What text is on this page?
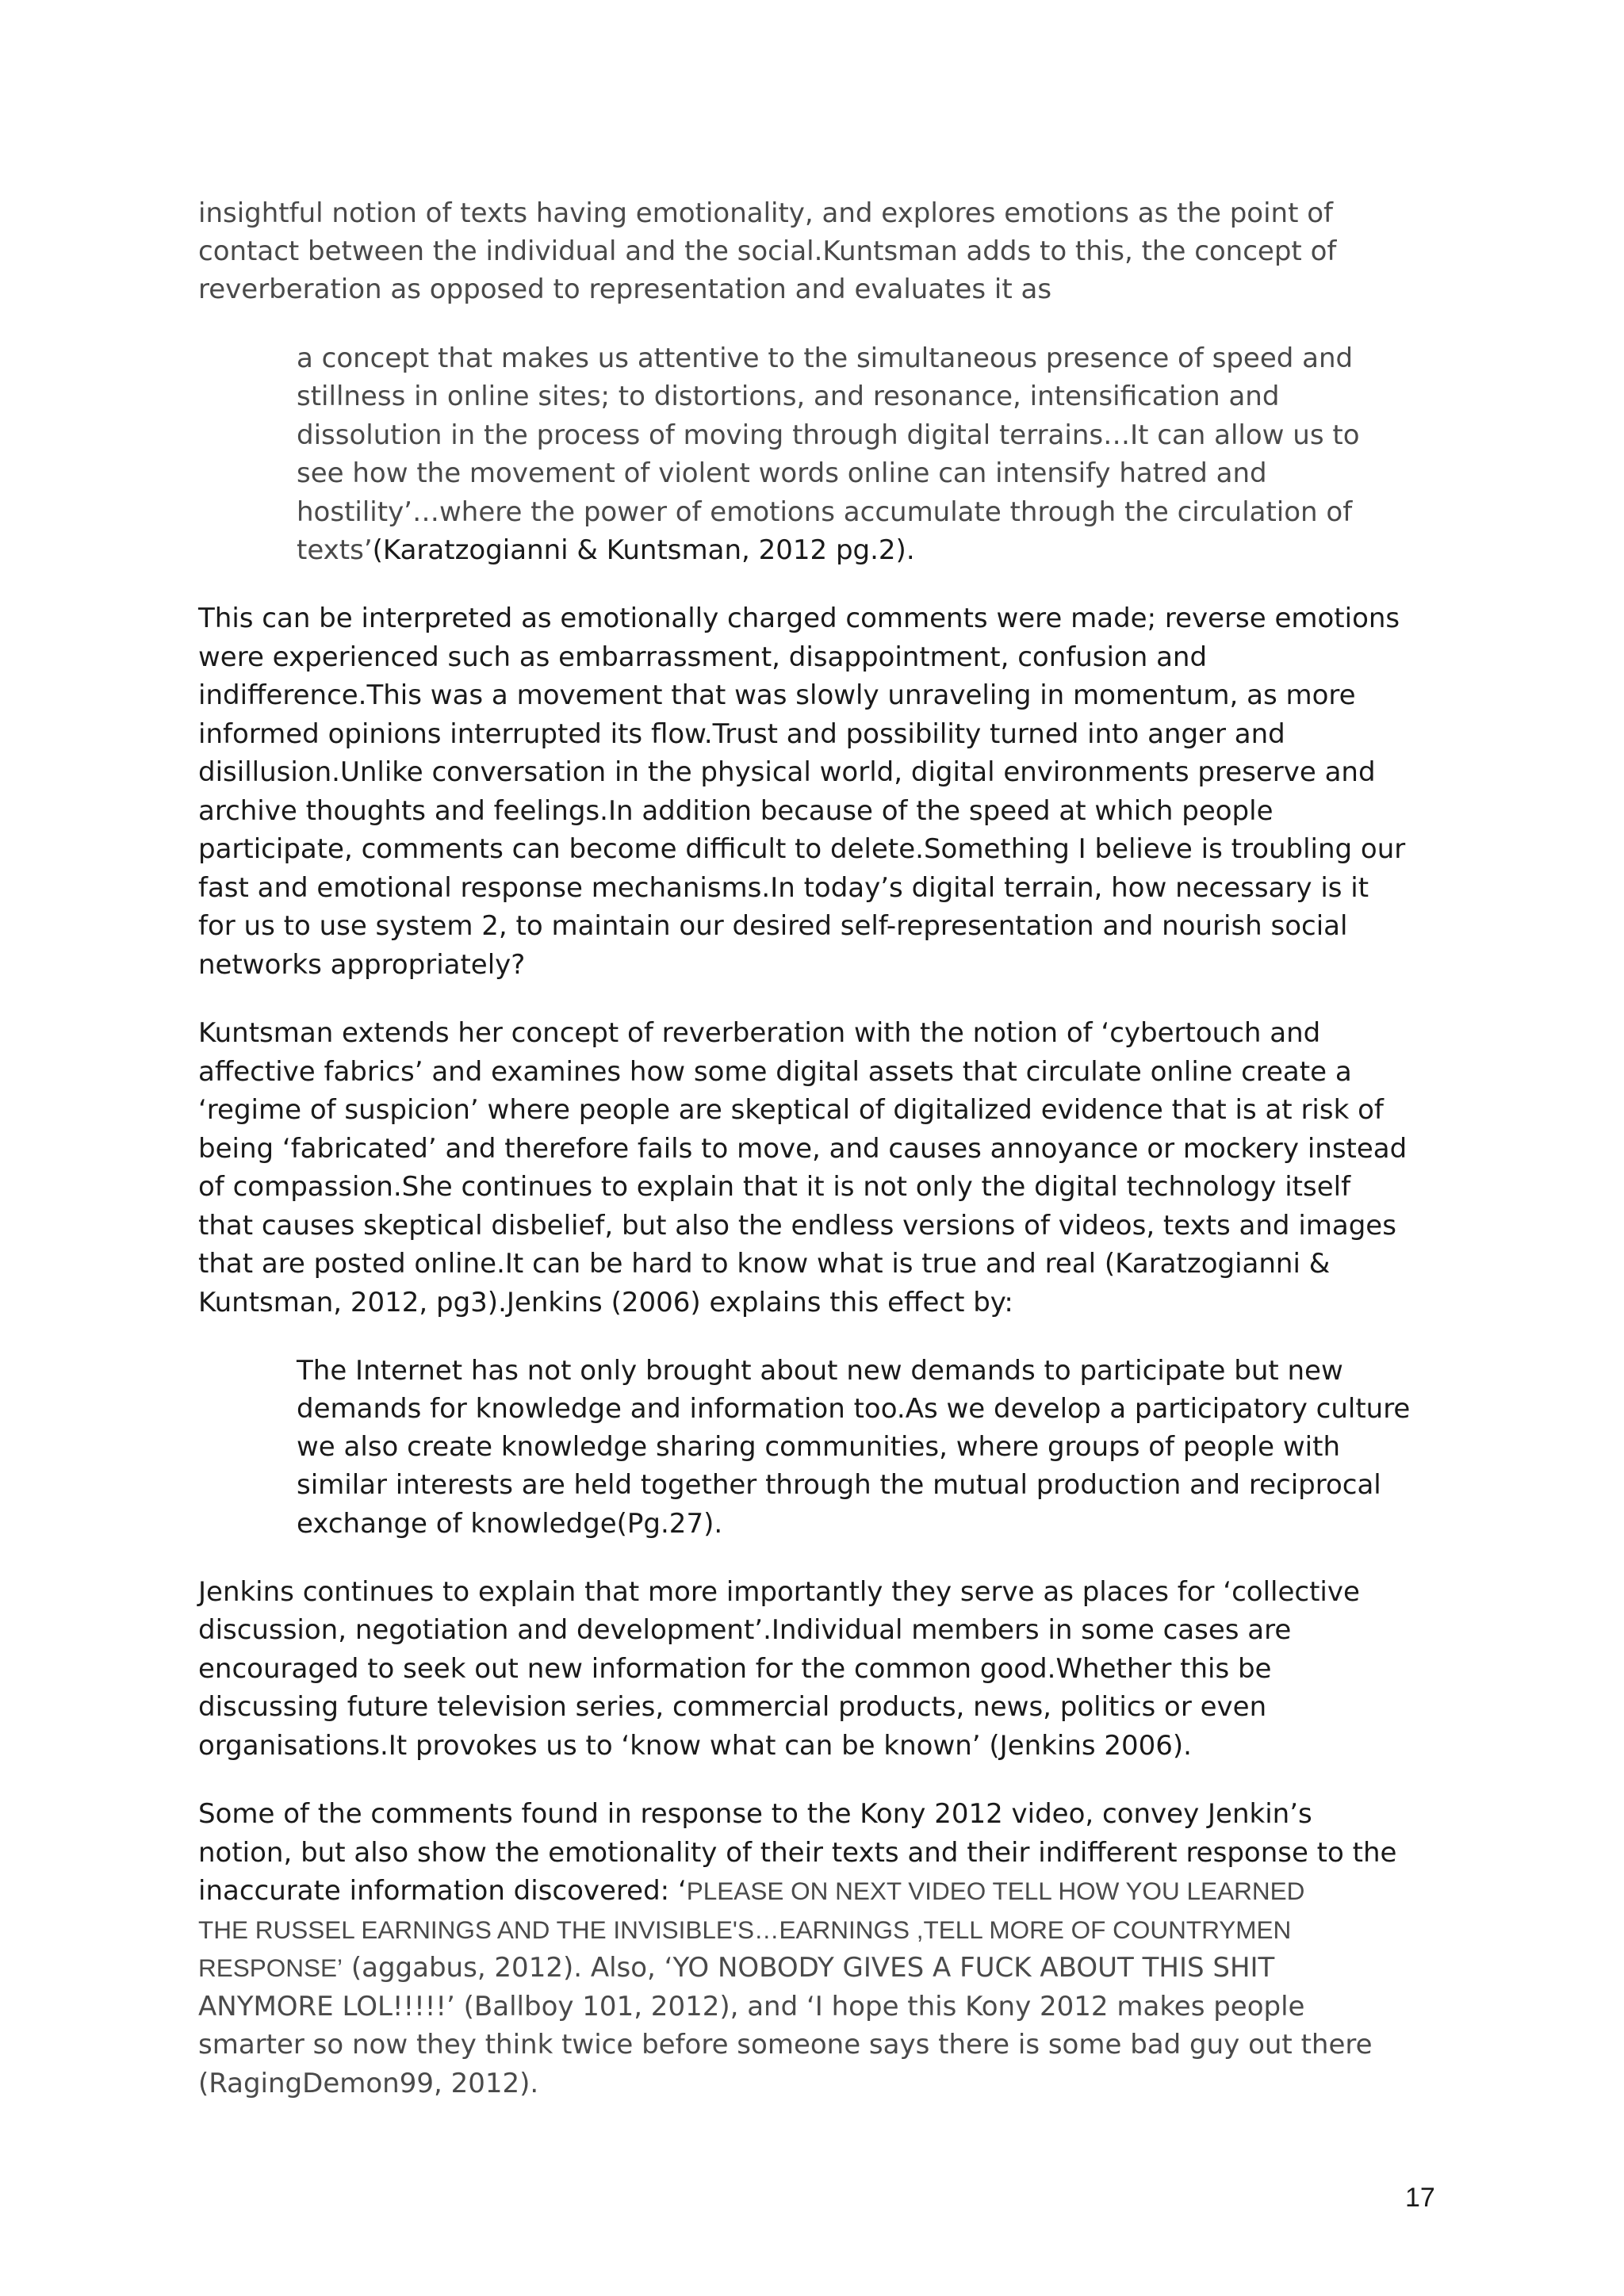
insightful notion of texts having emotionality, and explores emotions as the point of

contact between the individual and the social.Kuntsman adds to this, the concept of

reverberation as opposed to representation and evaluates it as

a concept that makes us attentive to the simultaneous presence of speed and

stillness in online sites; to distortions, and resonance, intensification and

dissolution in the process of moving through digital terrains…It can allow us to

see how the movement of violent words online can intensify hatred and

hostility’…where the power of emotions accumulate through the circulation of

texts’(Karatzogianni & Kuntsman, 2012 pg.2).

This can be interpreted as emotionally charged comments were made; reverse emotions

were experienced such as embarrassment, disappointment, confusion and

indifference.This was a movement that was slowly unraveling in momentum, as more

informed opinions interrupted its flow.Trust and possibility turned into anger and

disillusion.Unlike conversation in the physical world, digital environments preserve and

archive thoughts and feelings.In addition because of the speed at which people

participate, comments can become difficult to delete.Something I believe is troubling our

fast and emotional response mechanisms.In today’s digital terrain, how necessary is it

for us to use system 2, to maintain our desired self-representation and nourish social

networks appropriately?

Kuntsman extends her concept of reverberation with the notion of ‘cybertouch and

affective fabrics’ and examines how some digital assets that circulate online create a

‘regime of suspicion’ where people are skeptical of digitalized evidence that is at risk of

being ‘fabricated’ and therefore fails to move, and causes annoyance or mockery instead

of compassion.She continues to explain that it is not only the digital technology itself

that causes skeptical disbelief, but also the endless versions of videos, texts and images

that are posted online.It can be hard to know what is true and real (Karatzogianni &

Kuntsman, 2012, pg3).Jenkins (2006) explains this effect by:

The Internet has not only brought about new demands to participate but new

demands for knowledge and information too.As we develop a participatory culture

we also create knowledge sharing communities, where groups of people with

similar interests are held together through the mutual production and reciprocal

exchange of knowledge(Pg.27).

Jenkins continues to explain that more importantly they serve as places for ‘collective

discussion, negotiation and development’.Individual members in some cases are

encouraged to seek out new information for the common good.Whether this be

discussing future television series, commercial products, news, politics or even

organisations.It provokes us to ‘know what can be known’ (Jenkins 2006).

Some of the comments found in response to the Kony 2012 video, convey Jenkin’s

notion, but also show the emotionality of their texts and their indifferent response to the

inaccurate information discovered: ‘PLEASE ON NEXT VIDEO TELL HOW YOU LEARNED

THE RUSSEL EARNINGS AND THE INVISIBLE'S…EARNINGS ,TELL MORE OF COUNTRYMEN

RESPONSE’ (aggabus, 2012). Also, ‘YO NOBODY GIVES A FUCK ABOUT THIS SHIT

ANYMORE LOL!!!!!’ (Ballboy 101, 2012), and ‘I hope this Kony 2012 makes people

smarter so now they think twice before someone says there is some bad guy out there

(RagingDemon99, 2012).

17
